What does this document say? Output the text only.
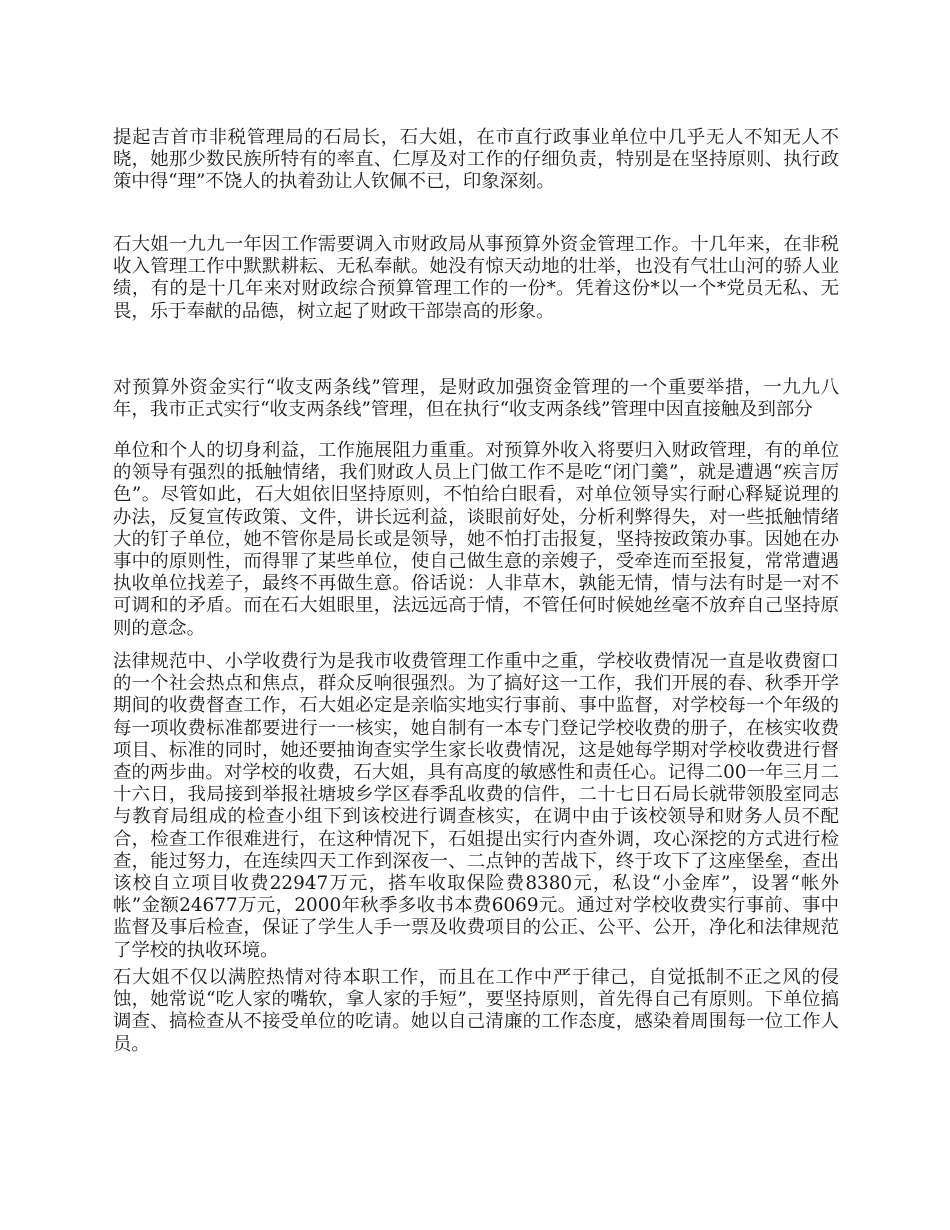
提起吉首市非税管理局的石局长，石大姐，在市直行政事业单位中几乎无人不知无人不晓，她那少数民族所特有的率直、仁厚及对工作的仔细负责，特别是在坚持原则、执行政策中得“理”不饶人的执着劲让人钦佩不已，印象深刻。

石大姐一九九一年因工作需要调入市财政局从事预算外资金管理工作。十几年来，在非税收入管理工作中默默耕耘、无私奉献。她没有惊天动地的壮举，也没有气壮山河的骄人业绩，有的是十几年来对财政综合预算管理工作的一份*。凭着这份*以一个*党员无私、无畏，乐于奉献的品德，树立起了财政干部崇高的形象。

对预算外资金实行“收支两条线”管理，是财政加强资金管理的一个重要举措，一九九八年，我市正式实行“收支两条线”管理，但在执行“收支两条线”管理中因直接触及到部分

单位和个人的切身利益，工作施展阻力重重。对预算外收入将要归入财政管理，有的单位的领导有强烈的抵触情绪，我们财政人员上门做工作不是吃“闭门羹”，就是遭遇“疾言厉色”。尽管如此，石大姐依旧坚持原则，不怕给白眼看，对单位领导实行耐心释疑说理的办法，反复宣传政策、文件，讲长远利益，谈眼前好处，分析利弊得失，对一些抵触情绪大的钉子单位，她不管你是局长或是领导，她不怕打击报复，坚持按政策办事。因她在办事中的原则性，而得罪了某些单位，使自己做生意的亲嫂子，受牵连而至报复，常常遭遇执收单位找差子，最终不再做生意。俗话说：人非草木，孰能无情，情与法有时是一对不可调和的矛盾。而在石大姐眼里，法远远高于情，不管任何时候她丝毫不放弃自己坚持原则的意念。

法律规范中、小学收费行为是我市收费管理工作重中之重，学校收费情况一直是收费窗口的一个社会热点和焦点，群众反响很强烈。为了搞好这一工作，我们开展的春、秋季开学期间的收费督查工作，石大姐必定是亲临实地实行事前、事中监督，对学校每一个年级的每一项收费标准都要进行一一核实，她自制有一本专门登记学校收费的册子，在核实收费项目、标准的同时，她还要抽询查实学生家长收费情况，这是她每学期对学校收费进行督查的两步曲。对学校的收费，石大姐，具有高度的敏感性和责任心。记得二00一年三月二十六日，我局接到举报社塘坡乡学区春季乱收费的信件，二十七日石局长就带领股室同志与教育局组成的检查小组下到该校进行调查核实，在调中由于该校领导和财务人员不配合，检查工作很难进行，在这种情况下，石姐提出实行内查外调，攻心深挖的方式进行检查，能过努力，在连续四天工作到深夜一、二点钟的苦战下，终于攻下了这座堡垒，查出该校自立项目收费22947万元，搭车收取保险费8380元，私设“小金库”，设署“帐外帐”金额24677万元，2000年秋季多收书本费6069元。通过对学校收费实行事前、事中监督及事后检查，保证了学生人手一票及收费项目的公正、公平、公开，净化和法律规范了学校的执收环境。

石大姐不仅以满腔热情对待本职工作，而且在工作中严于律己，自觉抵制不正之风的侵蚀，她常说“吃人家的嘴软，拿人家的手短”，要坚持原则，首先得自己有原则。下单位搞调查、搞检查从不接受单位的吃请。她以自己清廉的工作态度，感染着周围每一位工作人员。
